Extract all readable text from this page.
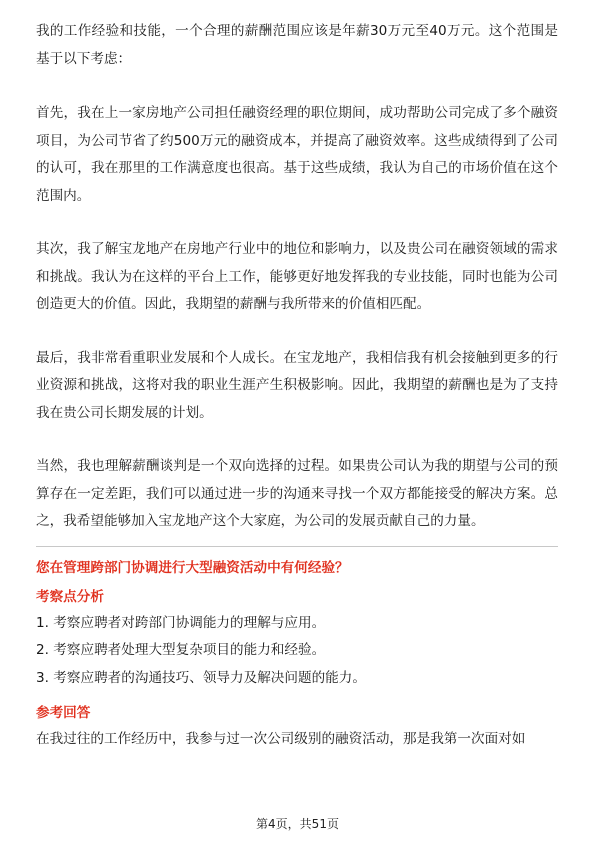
我的工作经验和技能，一个合理的薪酬范围应该是年薪30万元至40万元。这个范围是基于以下考虑：

首先，我在上一家房地产公司担任融资经理的职位期间，成功帮助公司完成了多个融资项目，为公司节省了约500万元的融资成本，并提高了融资效率。这些成绩得到了公司的认可，我在那里的工作满意度也很高。基于这些成绩，我认为自己的市场价值在这个范围内。

其次，我了解宝龙地产在房地产行业中的地位和影响力，以及贵公司在融资领域的需求和挑战。我认为在这样的平台上工作，能够更好地发挥我的专业技能，同时也能为公司创造更大的价值。因此，我期望的薪酬与我所带来的价值相匹配。

最后，我非常看重职业发展和个人成长。在宝龙地产，我相信我有机会接触到更多的行业资源和挑战，这将对我的职业生涯产生积极影响。因此，我期望的薪酬也是为了支持我在贵公司长期发展的计划。

当然，我也理解薪酬谈判是一个双向选择的过程。如果贵公司认为我的期望与公司的预算存在一定差距，我们可以通过进一步的沟通来寻找一个双方都能接受的解决方案。总之，我希望能够加入宝龙地产这个大家庭，为公司的发展贡献自己的力量。

您在管理跨部门协调进行大型融资活动中有何经验？

考察点分析

1. 考察应聘者对跨部门协调能力的理解与应用。

2. 考察应聘者处理大型复杂项目的能力和经验。

3. 考察应聘者的沟通技巧、领导力及解决问题的能力。

参考回答

在我过往的工作经历中，我参与过一次公司级别的融资活动，那是我第一次面对如

第4页，共51页
